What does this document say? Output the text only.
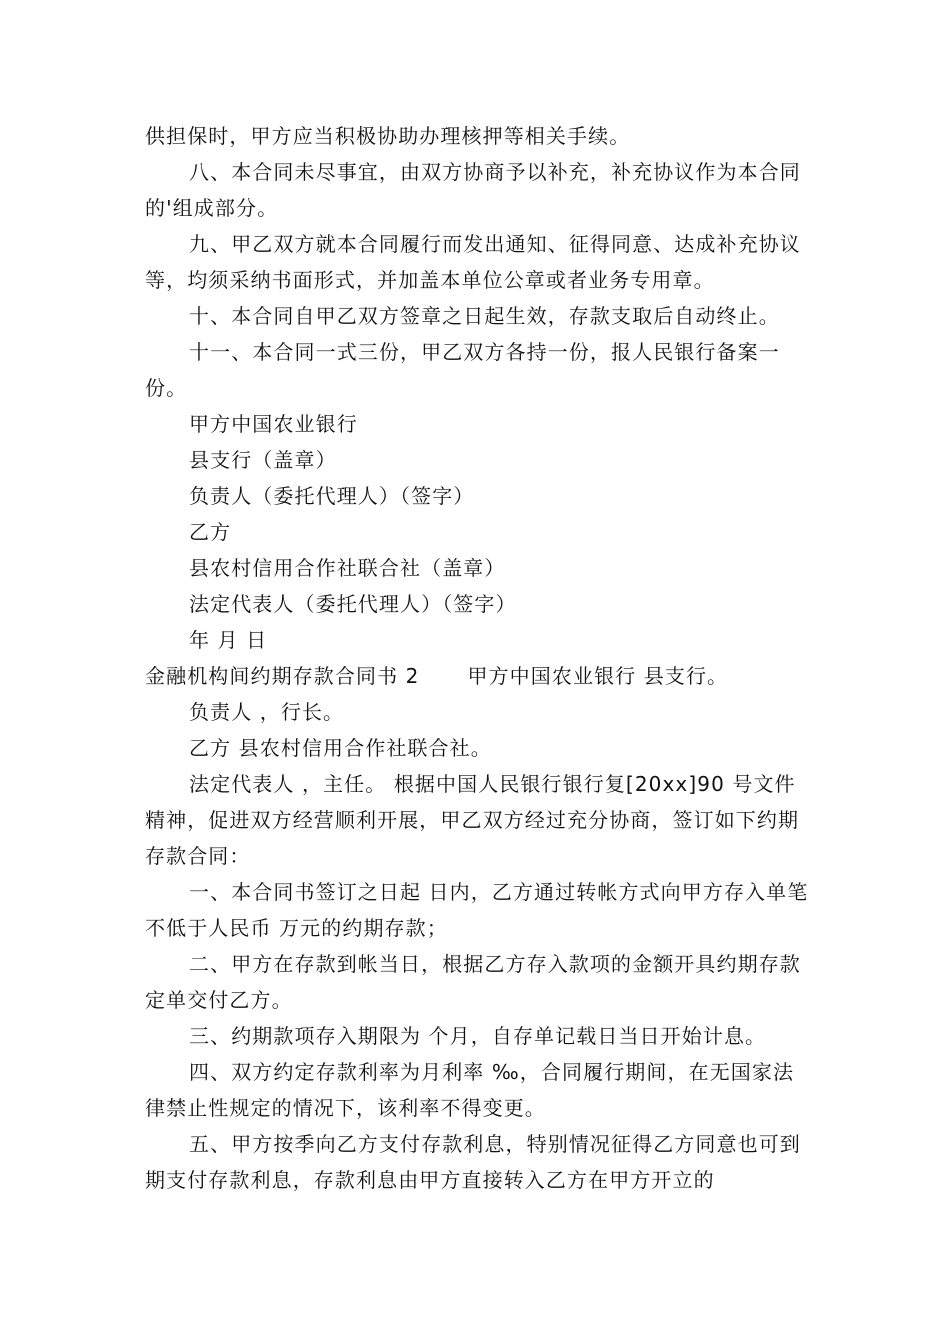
供担保时，甲方应当积极协助办理核押等相关手续。

八、本合同未尽事宜，由双方协商予以补充，补充协议作为本合同的'组成部分。

九、甲乙双方就本合同履行而发出通知、征得同意、达成补充协议等，均须采纳书面形式，并加盖本单位公章或者业务专用章。

十、本合同自甲乙双方签章之日起生效，存款支取后自动终止。

十一、本合同一式三份，甲乙双方各持一份，报人民银行备案一份。

甲方中国农业银行

县支行（盖章）

负责人（委托代理人）（签字）

乙方

县农村信用合作社联合社（盖章）

法定代表人（委托代理人）（签字）

年 月 日

金融机构间约期存款合同书 2 甲方中国农业银行 县支行。

负责人 ，行长。

乙方 县农村信用合作社联合社。

法定代表人 ，主任。 根据中国人民银行银行复[20xx]90 号文件精神，促进双方经营顺利开展，甲乙双方经过充分协商，签订如下约期存款合同：

一、本合同书签订之日起 日内，乙方通过转帐方式向甲方存入单笔不低于人民币 万元的约期存款；

二、甲方在存款到帐当日，根据乙方存入款项的金额开具约期存款定单交付乙方。

三、约期款项存入期限为 个月，自存单记载日当日开始计息。

四、双方约定存款利率为月利率 ‰，合同履行期间，在无国家法律禁止性规定的情况下，该利率不得变更。

五、甲方按季向乙方支付存款利息，特别情况征得乙方同意也可到期支付存款利息，存款利息由甲方直接转入乙方在甲方开立的
